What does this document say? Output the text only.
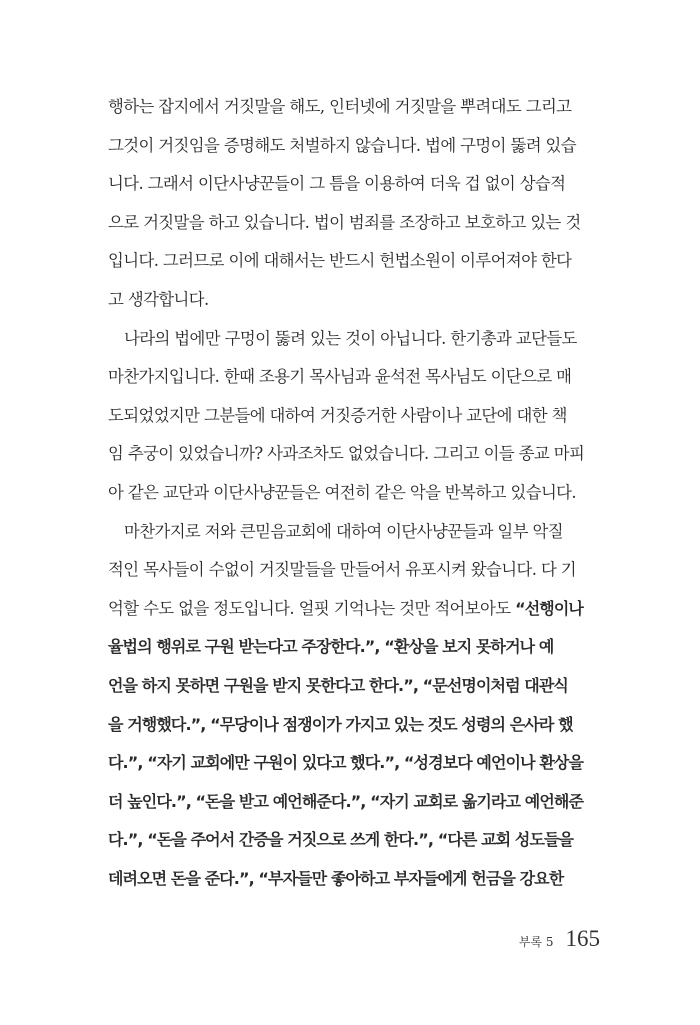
행하는 잡지에서 거짓말을 해도, 인터넷에 거짓말을 뿌려대도 그리고
그것이 거짓임을 증명해도 처벌하지 않습니다. 법에 구멍이 뚫려 있습
니다. 그래서 이단사냥꾼들이 그 틈을 이용하여 더욱 겁 없이 상습적
으로 거짓말을 하고 있습니다. 법이 범죄를 조장하고 보호하고 있는 것
입니다. 그러므로 이에 대해서는 반드시 헌법소원이 이루어져야 한다
고 생각합니다.
나라의 법에만 구멍이 뚫려 있는 것이 아닙니다. 한기총과 교단들도
마찬가지입니다. 한때 조용기 목사님과 윤석전 목사님도 이단으로 매
도되었었지만 그분들에 대하여 거짓증거한 사람이나 교단에 대한 책
임 추궁이 있었습니까? 사과조차도 없었습니다. 그리고 이들 종교 마피
아 같은 교단과 이단사냥꾼들은 여전히 같은 악을 반복하고 있습니다.
마찬가지로 저와 큰믿음교회에 대하여 이단사냥꾼들과 일부 악질
적인 목사들이 수없이 거짓말들을 만들어서 유포시켜 왔습니다. 다 기
억할 수도 없을 정도입니다. 얼핏 기억나는 것만 적어보아도 “선행이나
율법의 행위로 구원 받는다고 주장한다.”, “환상을 보지 못하거나 예
언을 하지 못하면 구원을 받지 못한다고 한다.”, “문선명이처럼 대관식
을 거행했다.”, “무당이나 점쟁이가 가지고 있는 것도 성령의 은사라 했
다.”, “자기 교회에만 구원이 있다고 했다.”, “성경보다 예언이나 환상을
더 높인다.”, “돈을 받고 예언해준다.”, “자기 교회로 옮기라고 예언해준
다.”, “돈을 주어서 간증을 거짓으로 쓰게 한다.”, “다른 교회 성도들을
데려오면 돈을 준다.”, “부자들만 좋아하고 부자들에게 헌금을 강요한
부록 5 165
